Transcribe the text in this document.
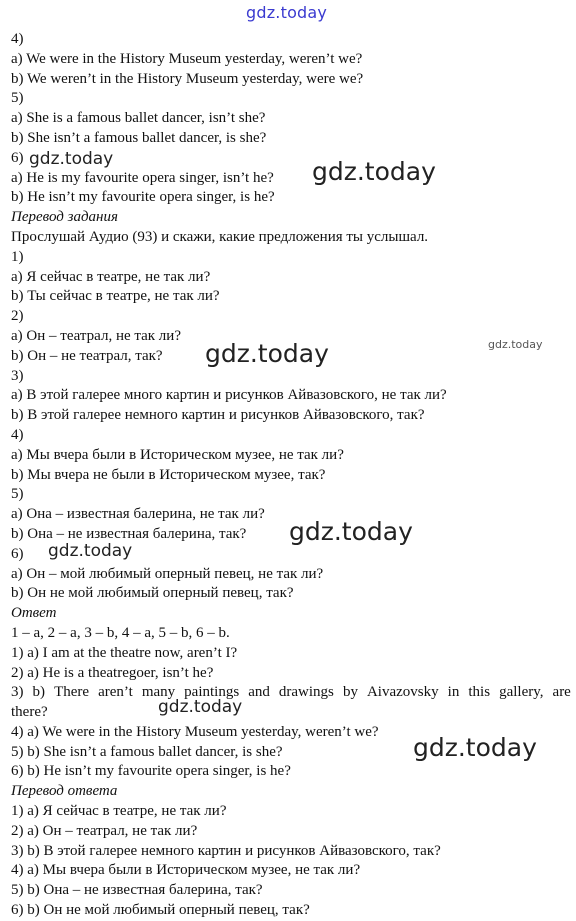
gdz.today
4)
a) We were in the History Museum yesterday, weren’t we?
b) We weren’t in the History Museum yesterday, were we?
5)
a) She is a famous ballet dancer, isn’t she?
b) She isn’t a famous ballet dancer, is she?
6)
a) He is my favourite opera singer, isn’t he?
b) He isn’t my favourite opera singer, is he?
Перевод задания
Прослушай Аудио (93) и скажи, какие предложения ты услышал.
1)
a) Я сейчас в театре, не так ли?
b) Ты сейчас в театре, не так ли?
2)
a) Он – театрал, не так ли?
b) Он – не театрал, так?
3)
a) В этой галерее много картин и рисунков Айвазовского, не так ли?
b) В этой галерее немного картин и рисунков Айвазовского, так?
4)
a) Мы вчера были в Историческом музее, не так ли?
b) Мы вчера не были в Историческом музее, так?
5)
a) Она – известная балерина, не так ли?
b) Она – не известная балерина, так?
6)
a) Он – мой любимый оперный певец, не так ли?
b) Он не мой любимый оперный певец, так?
Ответ
1 – a, 2 – a, 3 – b, 4 – a, 5 – b, 6 – b.
1) a) I am at the theatre now, aren’t I?
2) a) He is a theatregoer, isn’t he?
3) b) There aren’t many paintings and drawings by Aivazovsky in this gallery, are
there?
4) a) We were in the History Museum yesterday, weren’t we?
5) b) She isn’t a famous ballet dancer, is she?
6) b) He isn’t my favourite opera singer, is he?
Перевод ответа
1) a) Я сейчас в театре, не так ли?
2) a) Он – театрал, не так ли?
3) b) В этой галерее немного картин и рисунков Айвазовского, так?
4) a) Мы вчера были в Историческом музее, не так ли?
5) b) Она – не известная балерина, так?
6) b) Он не мой любимый оперный певец, так?
gdz.today	gdz.today
gdz.today
gdz.today
gdz.today
gdz.today
gdz.today
gdz.today
